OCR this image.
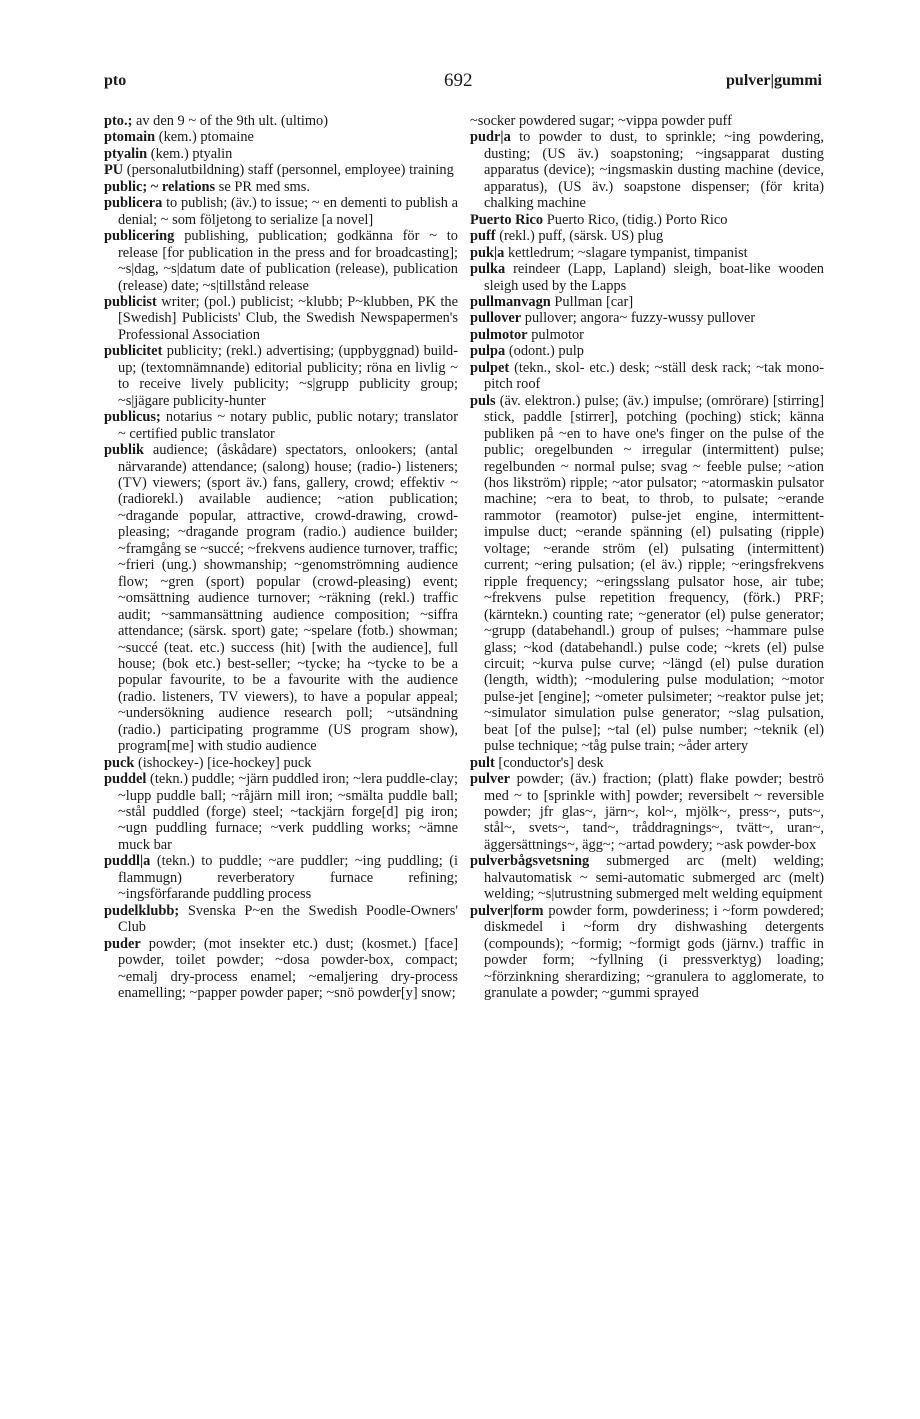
pto	692	pulver|gummi

pto.; av den 9 ~ of the 9th ult. (ultimo)

ptomain (kem.) ptomaine

ptyalin (kem.) ptyalin

PU (personalutbildning) staff (personnel, employee) training

public; ~ relations se PR med sms.

publicera to publish; (äv.) to issue; ~ en dementi to publish a denial; ~ som följetong to serialize [a novel]

publicering publishing, publication; godkänna för ~ to release [for publication in the press and for broadcasting]; ~s|dag, ~s|datum date of publication (release), publication (release) date; ~s|tillstånd release

publicist writer; (pol.) publicist; ~klubb; P~klubben, PK the [Swedish] Publicists' Club, the Swedish Newspapermen's Professional Association

publicitet publicity; (rekl.) advertising; (uppbyggnad) build-up; (textomnämnande) editorial publicity; röna en livlig ~ to receive lively publicity; ~s|grupp publicity group; ~s|jägare publicity-hunter

publicus; notarius ~ notary public, public notary; translator ~ certified public translator

publik audience; (åskådare) spectators, onlookers; (antal närvarande) attendance; (salong) house; (radio-) listeners; (TV) viewers; (sport äv.) fans, gallery, crowd; effektiv ~ (radiorekl.) available audience; ~ation publication; ~dragande popular, attractive, crowd-drawing, crowd-pleasing; ~dragande program (radio.) audience builder; ~framgång se ~succé; ~frekvens audience turnover, traffic; ~frieri (ung.) showmanship; ~genomströmning audience flow; ~gren (sport) popular (crowd-pleasing) event; ~omsättning audience turnover; ~räkning (rekl.) traffic audit; ~sammansättning audience composition; ~siffra attendance; (särsk. sport) gate; ~spelare (fotb.) showman; ~succé (teat. etc.) success (hit) [with the audience], full house; (bok etc.) best-seller; ~tycke; ha ~tycke to be a popular favourite, to be a favourite with the audience (radio. listeners, TV viewers), to have a popular appeal; ~undersökning audience research poll; ~utsändning (radio.) participating programme (US program show), program[me] with studio audience

puck (ishockey-) [ice-hockey] puck

puddel (tekn.) puddle; ~järn puddled iron; ~lera puddle-clay; ~lupp puddle ball; ~råjärn mill iron; ~smälta puddle ball; ~stål puddled (forge) steel; ~tackjärn forge[d] pig iron; ~ugn puddling furnace; ~verk puddling works; ~ämne muck bar

puddl|a (tekn.) to puddle; ~are puddler; ~ing puddling; (i flammugn) reverberatory furnace refining; ~ingsförfarande puddling process

pudelklubb; Svenska P~en the Swedish Poodle-Owners' Club

puder powder; (mot insekter etc.) dust; (kosmet.) [face] powder, toilet powder; ~dosa powder-box, compact; ~emalj dry-process enamel; ~emaljering dry-process enamelling; ~papper powder paper; ~snö powder[y] snow;

~socker powdered sugar; ~vippa powder puff

pudr|a to powder to dust, to sprinkle; ~ing powdering, dusting; (US äv.) soapstoning; ~ingsapparat dusting apparatus (device); ~ingsmaskin dusting machine (device, apparatus), (US äv.) soapstone dispenser; (för krita) chalking machine

Puerto Rico Puerto Rico, (tidig.) Porto Rico

puff (rekl.) puff, (särsk. US) plug

puk|a kettledrum; ~slagare tympanist, timpanist

pulka reindeer (Lapp, Lapland) sleigh, boat-like wooden sleigh used by the Lapps

pullmanvagn Pullman [car]

pullover pullover; angora~ fuzzy-wussy pullover

pulmotor pulmotor

pulpa (odont.) pulp

pulpet (tekn., skol- etc.) desk; ~ställ desk rack; ~tak mono-pitch roof

puls (äv. elektron.) pulse; (äv.) impulse; (omrörare) [stirring] stick, paddle [stirrer], potching (poching) stick; känna publiken på ~en to have one's finger on the pulse of the public; oregelbunden ~ irregular (intermittent) pulse; regelbunden ~ normal pulse; svag ~ feeble pulse; ~ation (hos likström) ripple; ~ator pulsator; ~atormaskin pulsator machine; ~era to beat, to throb, to pulsate; ~erande rammotor (reamotor) pulse-jet engine, intermittent-impulse duct; ~erande spänning (el) pulsating (ripple) voltage; ~erande ström (el) pulsating (intermittent) current; ~ering pulsation; (el äv.) ripple; ~eringsfrekvens ripple frequency; ~eringsslang pulsator hose, air tube; ~frekvens pulse repetition frequency, (förk.) PRF; (kärntekn.) counting rate; ~generator (el) pulse generator; ~grupp (databehandl.) group of pulses; ~hammare pulse glass; ~kod (databehandl.) pulse code; ~krets (el) pulse circuit; ~kurva pulse curve; ~längd (el) pulse duration (length, width); ~modulering pulse modulation; ~motor pulse-jet [engine]; ~ometer pulsimeter; ~reaktor pulse jet; ~simulator simulation pulse generator; ~slag pulsation, beat [of the pulse]; ~tal (el) pulse number; ~teknik (el) pulse technique; ~tåg pulse train; ~åder artery

pult [conductor's] desk

pulver powder; (äv.) fraction; (platt) flake powder; beströ med ~ to [sprinkle with] powder; reversibelt ~ reversible powder; jfr glas~, järn~, kol~, mjölk~, press~, puts~, stål~, svets~, tand~, tråddragnings~, tvätt~, uran~, äggersättnings~, ägg~; ~artad powdery; ~ask powder-box

pulverbågsvetsning submerged arc (melt) welding; halvautomatisk ~ semi-automatic submerged arc (melt) welding; ~s|utrustning submerged melt welding equipment

pulver|form powder form, powderiness; i ~form powdered; diskmedel i ~form dry dishwashing detergents (compounds); ~formig; ~formigt gods (järnv.) traffic in powder form; ~fyllning (i pressverktyg) loading; ~förzinkning sherardizing; ~granulera to agglomerate, to granulate a powder; ~gummi sprayed
